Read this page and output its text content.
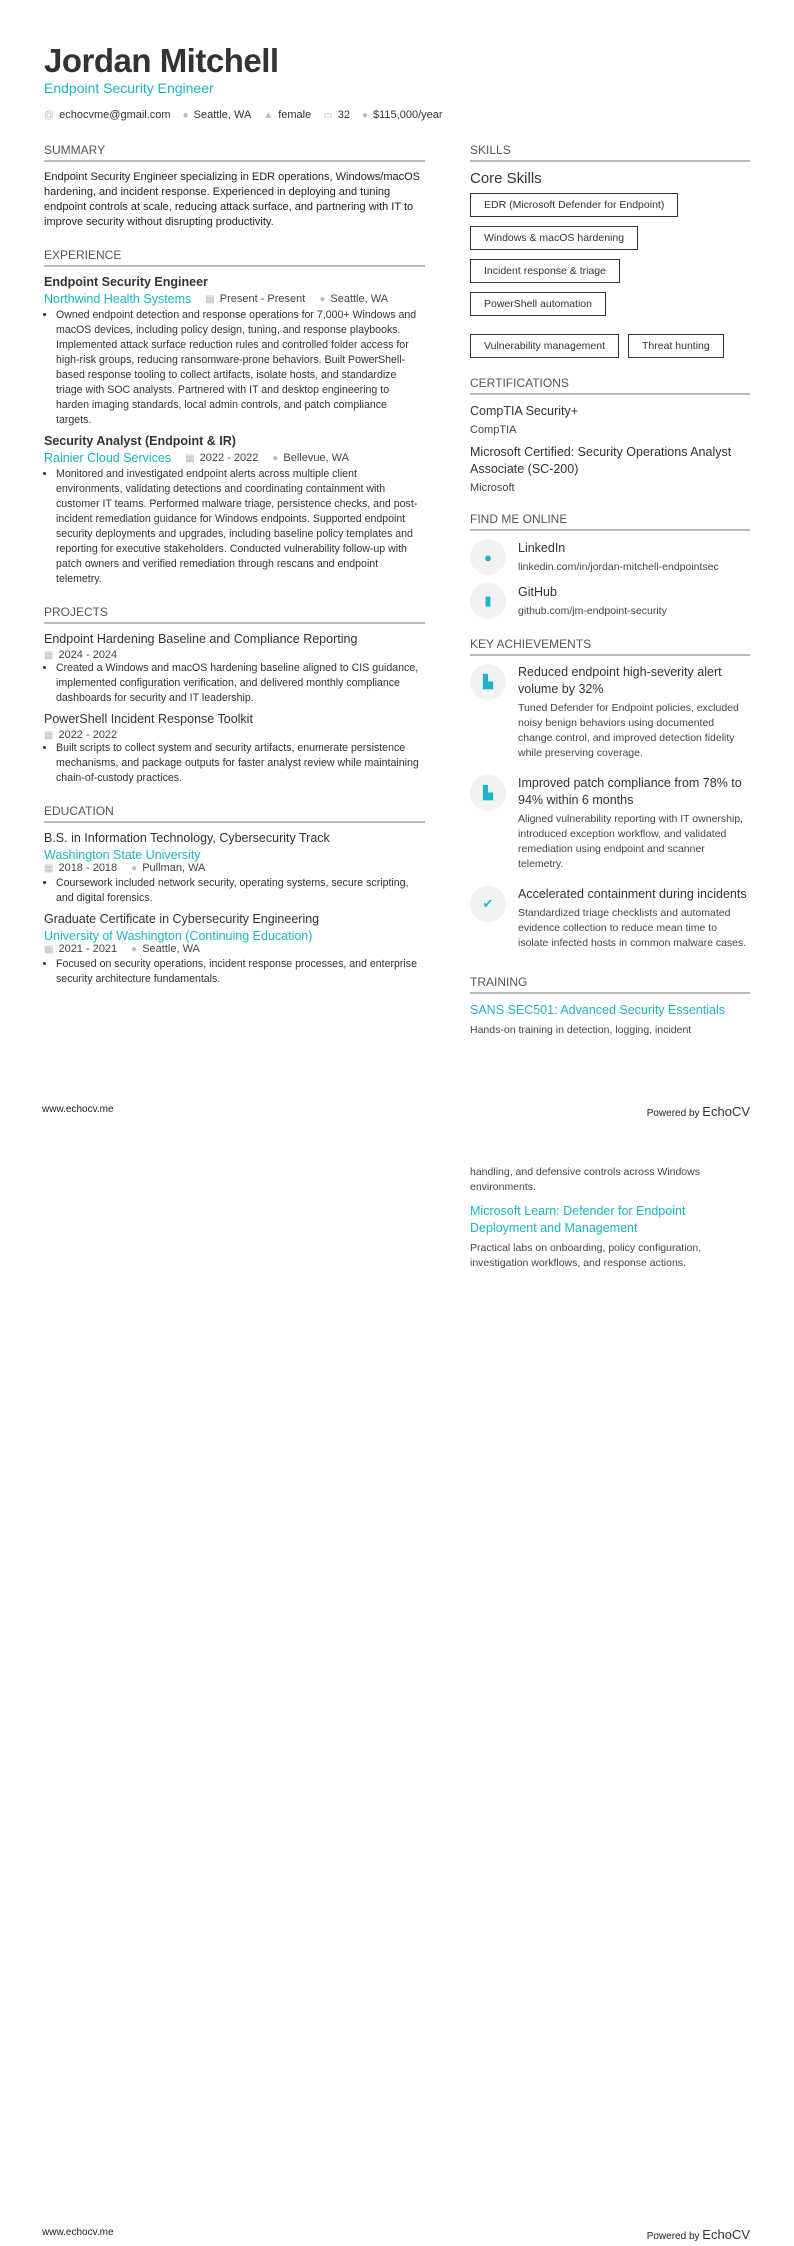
Jordan Mitchell
Endpoint Security Engineer
@ echocvme@gmail.com ● Seattle, WA ▲ female ▭ 32 ● $115,000/year
SUMMARY
Endpoint Security Engineer specializing in EDR operations, Windows/macOS hardening, and incident response. Experienced in deploying and tuning endpoint controls at scale, reducing attack surface, and partnering with IT to improve security without disrupting productivity.
EXPERIENCE
Endpoint Security Engineer
Northwind Health Systems ▦ Present - Present ● Seattle, WA
• Owned endpoint detection and response operations for 7,000+ Windows and macOS devices, including policy design, tuning, and response playbooks. Implemented attack surface reduction rules and controlled folder access for high-risk groups, reducing ransomware-prone behaviors. Built PowerShell-based response tooling to collect artifacts, isolate hosts, and standardize triage with SOC analysts. Partnered with IT and desktop engineering to harden imaging standards, local admin controls, and patch compliance targets.
Security Analyst (Endpoint & IR)
Rainier Cloud Services ▦ 2022 - 2022 ● Bellevue, WA
• Monitored and investigated endpoint alerts across multiple client environments, validating detections and coordinating containment with customer IT teams. Performed malware triage, persistence checks, and post-incident remediation guidance for Windows endpoints. Supported endpoint security deployments and upgrades, including baseline policy templates and reporting for executive stakeholders. Conducted vulnerability follow-up with patch owners and verified remediation through rescans and endpoint telemetry.
PROJECTS
Endpoint Hardening Baseline and Compliance Reporting
▦ 2024 - 2024
• Created a Windows and macOS hardening baseline aligned to CIS guidance, implemented configuration verification, and delivered monthly compliance dashboards for security and IT leadership.
PowerShell Incident Response Toolkit
▦ 2022 - 2022
• Built scripts to collect system and security artifacts, enumerate persistence mechanisms, and package outputs for faster analyst review while maintaining chain-of-custody practices.
EDUCATION
B.S. in Information Technology, Cybersecurity Track
Washington State University
▦ 2018 - 2018 ● Pullman, WA
• Coursework included network security, operating systems, secure scripting, and digital forensics.
Graduate Certificate in Cybersecurity Engineering
University of Washington (Continuing Education)
▦ 2021 - 2021 ● Seattle, WA
• Focused on security operations, incident response processes, and enterprise security architecture fundamentals.
SKILLS
Core Skills
EDR (Microsoft Defender for Endpoint)
Windows & macOS hardening
Incident response & triage
PowerShell automation
Vulnerability management	Threat hunting
CERTIFICATIONS
CompTIA Security+
CompTIA
Microsoft Certified: Security Operations Analyst Associate (SC-200)
Microsoft
FIND ME ONLINE
●
LinkedIn
linkedin.com/in/jordan-mitchell-endpointsec
▮
GitHub
github.com/jm-endpoint-security
KEY ACHIEVEMENTS
▙
Reduced endpoint high-severity alert volume by 32%
Tuned Defender for Endpoint policies, excluded noisy benign behaviors using documented change control, and improved detection fidelity while preserving coverage.
▙
Improved patch compliance from 78% to 94% within 6 months
Aligned vulnerability reporting with IT ownership, introduced exception workflow, and validated remediation using endpoint and scanner telemetry.
✔
Accelerated containment during incidents
Standardized triage checklists and automated evidence collection to reduce mean time to isolate infected hosts in common malware cases.
TRAINING
SANS SEC501: Advanced Security Essentials
Hands-on training in detection, logging, incident
www.echocv.me	Powered by EchoCV
handling, and defensive controls across Windows environments.
Microsoft Learn: Defender for Endpoint Deployment and Management
Practical labs on onboarding, policy configuration, investigation workflows, and response actions.
www.echocv.me	Powered by EchoCV
